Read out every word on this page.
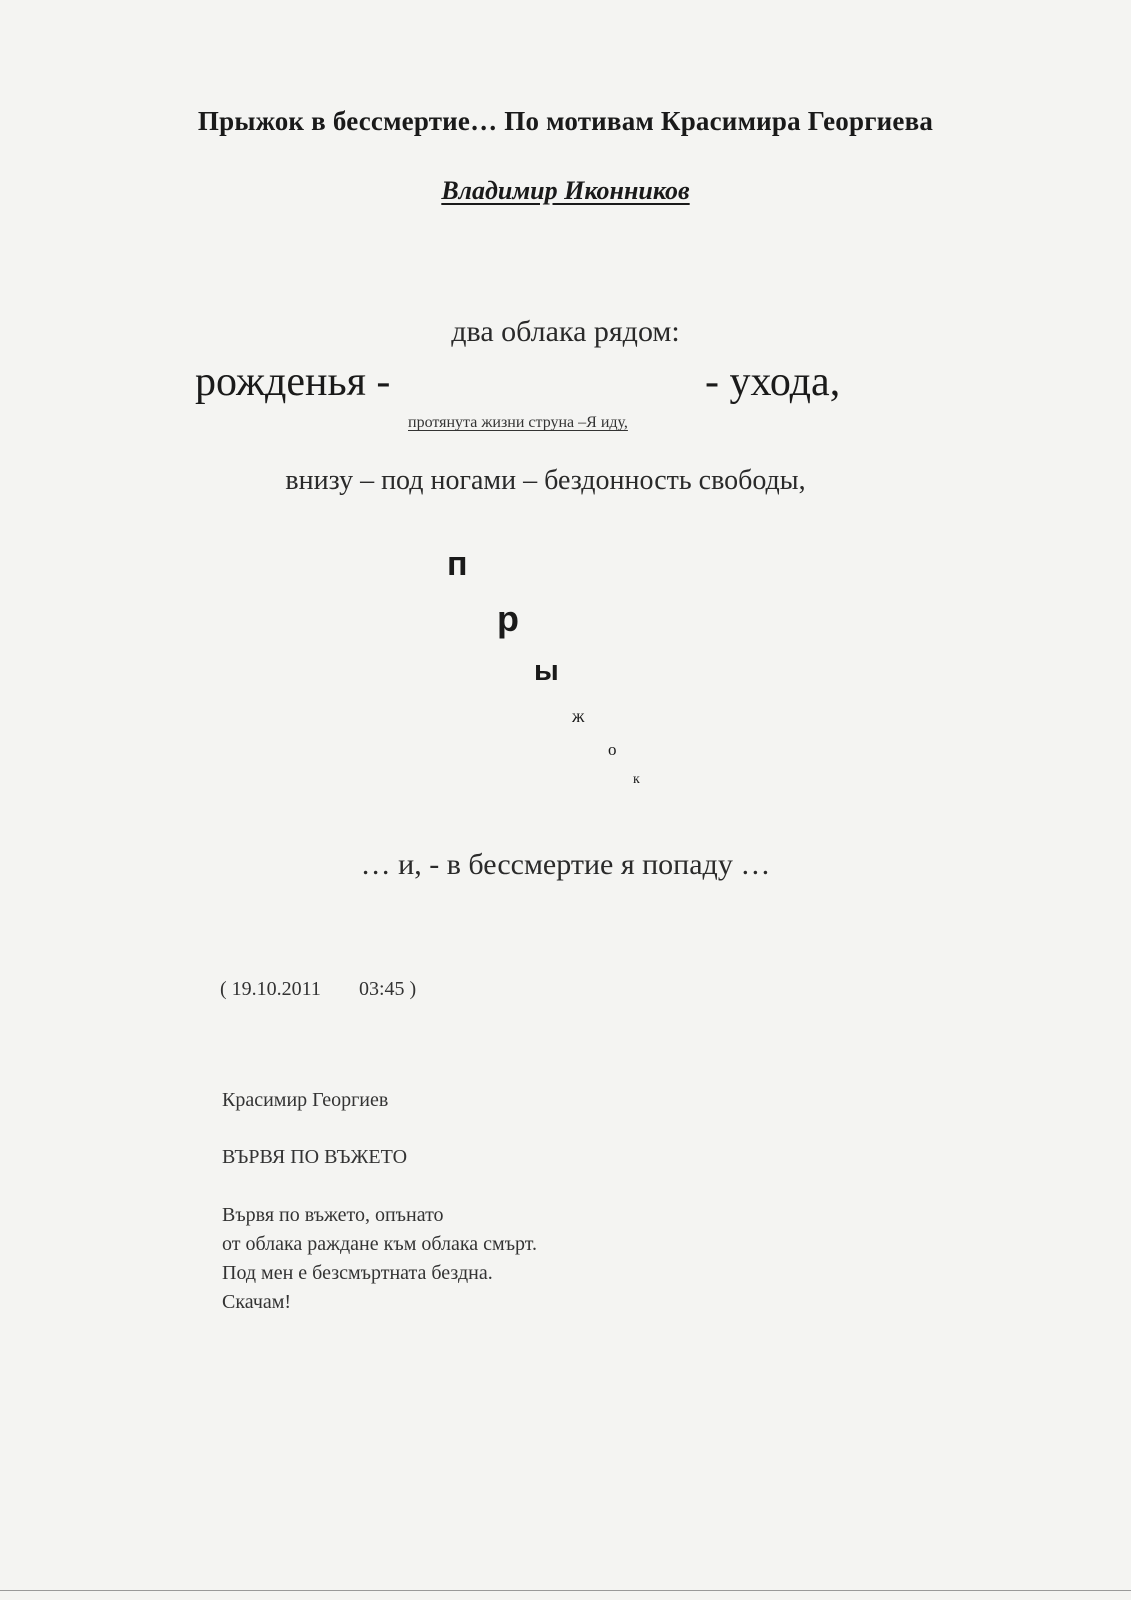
Прыжок в бессмертие… По мотивам Красимира Георгиева
Владимир Иконников
два облака рядом:
рожденья -	- ухода,
протянута жизни струна –Я иду,
внизу – под ногами – бездонность свободы,
п
р
ы
ж
о
к
… и, - в бессмертие я попаду …
( 19.10.2011 03:45 )
Красимир Георгиев
ВЪРВЯ ПО ВЪЖЕТО
Вървя по въжето, опънато
от облака раждане към облака смърт.
Под мен е безсмъртната бездна.
Скачам!
